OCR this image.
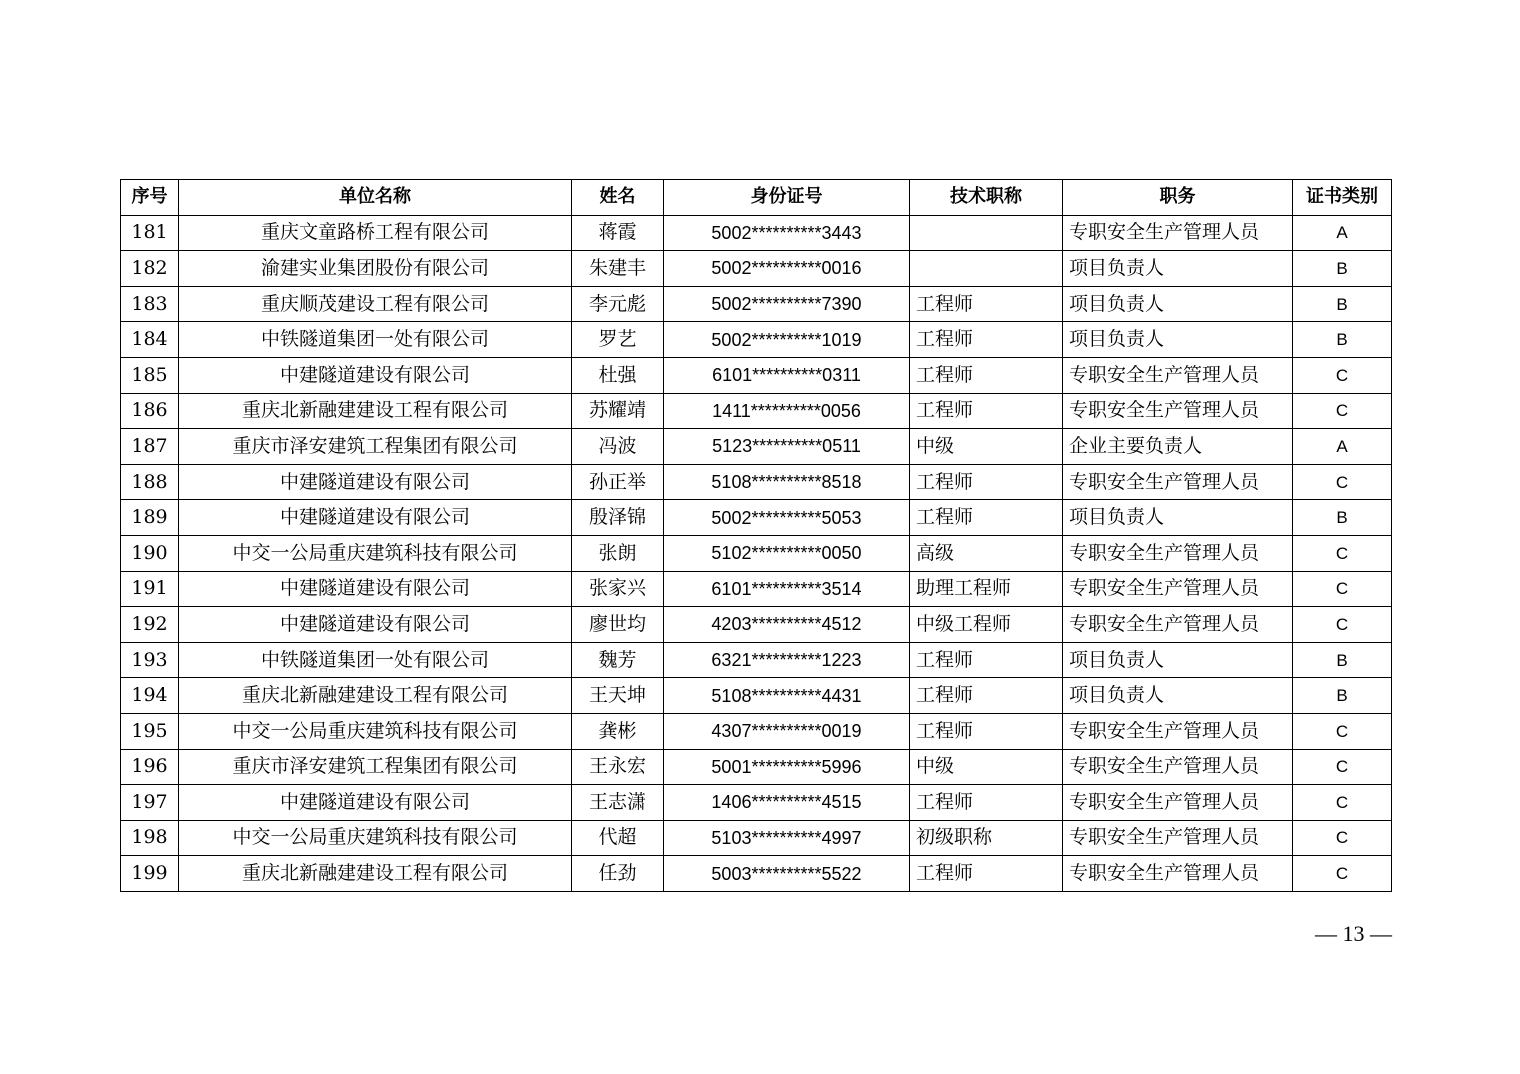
序号	单位名称	姓名	身份证号	技术职称	职务	证书类别
181	重庆文童路桥工程有限公司	蒋霞	5002**********3443		专职安全生产管理人员	A
182	渝建实业集团股份有限公司	朱建丰	5002**********0016		项目负责人	B
183	重庆顺茂建设工程有限公司	李元彪	5002**********7390	工程师	项目负责人	B
184	中铁隧道集团一处有限公司	罗艺	5002**********1019	工程师	项目负责人	B
185	中建隧道建设有限公司	杜强	6101**********0311	工程师	专职安全生产管理人员	C
186	重庆北新融建建设工程有限公司	苏耀靖	1411**********0056	工程师	专职安全生产管理人员	C
187	重庆市泽安建筑工程集团有限公司	冯波	5123**********0511	中级	企业主要负责人	A
188	中建隧道建设有限公司	孙正举	5108**********8518	工程师	专职安全生产管理人员	C
189	中建隧道建设有限公司	殷泽锦	5002**********5053	工程师	项目负责人	B
190	中交一公局重庆建筑科技有限公司	张朗	5102**********0050	高级	专职安全生产管理人员	C
191	中建隧道建设有限公司	张家兴	6101**********3514	助理工程师	专职安全生产管理人员	C
192	中建隧道建设有限公司	廖世均	4203**********4512	中级工程师	专职安全生产管理人员	C
193	中铁隧道集团一处有限公司	魏芳	6321**********1223	工程师	项目负责人	B
194	重庆北新融建建设工程有限公司	王天坤	5108**********4431	工程师	项目负责人	B
195	中交一公局重庆建筑科技有限公司	龚彬	4307**********0019	工程师	专职安全生产管理人员	C
196	重庆市泽安建筑工程集团有限公司	王永宏	5001**********5996	中级	专职安全生产管理人员	C
197	中建隧道建设有限公司	王志潇	1406**********4515	工程师	专职安全生产管理人员	C
198	中交一公局重庆建筑科技有限公司	代超	5103**********4997	初级职称	专职安全生产管理人员	C
199	重庆北新融建建设工程有限公司	任劲	5003**********5522	工程师	专职安全生产管理人员	C
— 13 —
